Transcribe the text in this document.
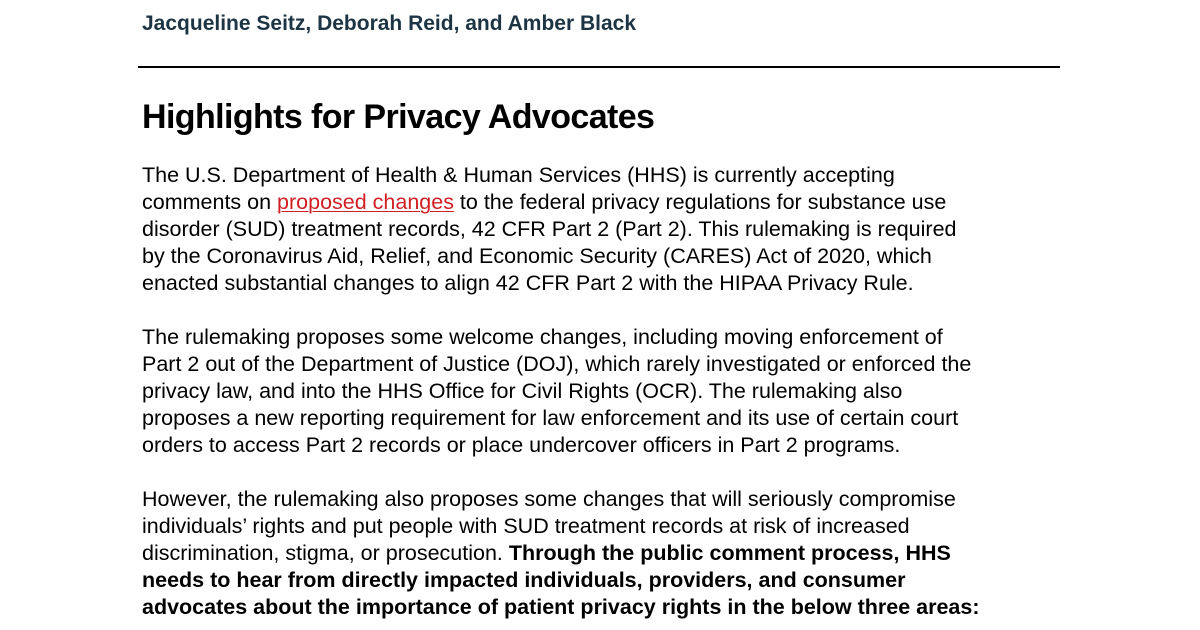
Jacqueline Seitz, Deborah Reid, and Amber Black
Highlights for Privacy Advocates

The U.S. Department of Health & Human Services (HHS) is currently accepting
comments on proposed changes to the federal privacy regulations for substance use
disorder (SUD) treatment records, 42 CFR Part 2 (Part 2). This rulemaking is required
by the Coronavirus Aid, Relief, and Economic Security (CARES) Act of 2020, which
enacted substantial changes to align 42 CFR Part 2 with the HIPAA Privacy Rule.

The rulemaking proposes some welcome changes, including moving enforcement of
Part 2 out of the Department of Justice (DOJ), which rarely investigated or enforced the
privacy law, and into the HHS Office for Civil Rights (OCR). The rulemaking also
proposes a new reporting requirement for law enforcement and its use of certain court
orders to access Part 2 records or place undercover officers in Part 2 programs.

However, the rulemaking also proposes some changes that will seriously compromise
individuals’ rights and put people with SUD treatment records at risk of increased
discrimination, stigma, or prosecution. Through the public comment process, HHS
needs to hear from directly impacted individuals, providers, and consumer
advocates about the importance of patient privacy rights in the below three areas:
